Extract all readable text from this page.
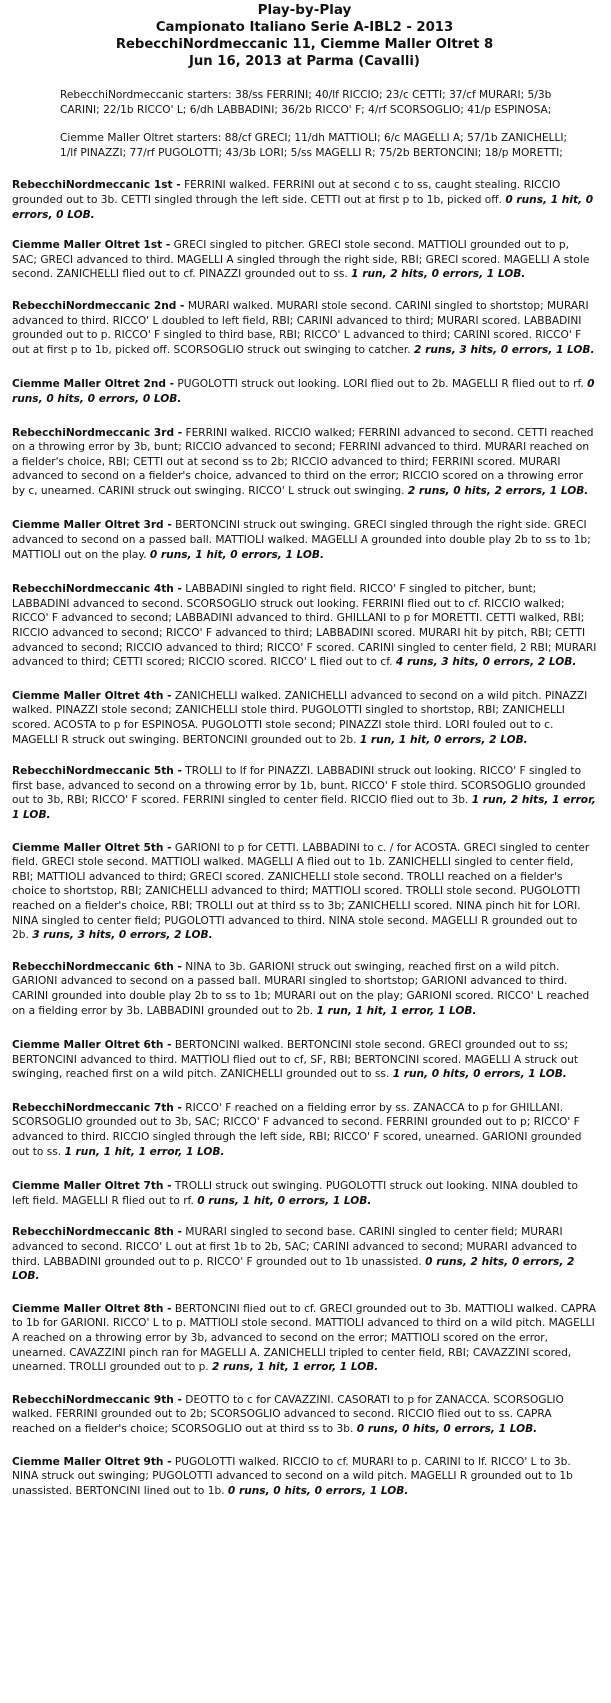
Play-by-Play
Campionato Italiano Serie A-IBL2 - 2013
RebecchiNordmeccanic 11, Ciemme Maller Oltret 8
Jun 16, 2013 at Parma (Cavalli)

RebecchiNordmeccanic starters: 38/ss FERRINI; 40/lf RICCIO; 23/c CETTI; 37/cf MURARI; 5/3b CARINI; 22/1b RICCO' L; 6/dh LABBADINI; 36/2b RICCO' F; 4/rf SCORSOGLIO; 41/p ESPINOSA;

Ciemme Maller Oltret starters: 88/cf GRECI; 11/dh MATTIOLI; 6/c MAGELLI A; 57/1b ZANICHELLI; 1/lf PINAZZI; 77/rf PUGOLOTTI; 43/3b LORI; 5/ss MAGELLI R; 75/2b BERTONCINI; 18/p MORETTI;

RebecchiNordmeccanic 1st - FERRINI walked. FERRINI out at second c to ss, caught stealing. RICCIO grounded out to 3b. CETTI singled through the left side. CETTI out at first p to 1b, picked off. 0 runs, 1 hit, 0 errors, 0 LOB.

Ciemme Maller Oltret 1st - GRECI singled to pitcher. GRECI stole second. MATTIOLI grounded out to p, SAC; GRECI advanced to third. MAGELLI A singled through the right side, RBI; GRECI scored. MAGELLI A stole second. ZANICHELLI flied out to cf. PINAZZI grounded out to ss. 1 run, 2 hits, 0 errors, 1 LOB.

RebecchiNordmeccanic 2nd - MURARI walked. MURARI stole second. CARINI singled to shortstop; MURARI advanced to third. RICCO' L doubled to left field, RBI; CARINI advanced to third; MURARI scored. LABBADINI grounded out to p. RICCO' F singled to third base, RBI; RICCO' L advanced to third; CARINI scored. RICCO' F out at first p to 1b, picked off. SCORSOGLIO struck out swinging to catcher. 2 runs, 3 hits, 0 errors, 1 LOB.

Ciemme Maller Oltret 2nd - PUGOLOTTI struck out looking. LORI flied out to 2b. MAGELLI R flied out to rf. 0 runs, 0 hits, 0 errors, 0 LOB.

RebecchiNordmeccanic 3rd - FERRINI walked. RICCIO walked; FERRINI advanced to second. CETTI reached on a throwing error by 3b, bunt; RICCIO advanced to second; FERRINI advanced to third. MURARI reached on a fielder's choice, RBI; CETTI out at second ss to 2b; RICCIO advanced to third; FERRINI scored. MURARI advanced to second on a fielder's choice, advanced to third on the error; RICCIO scored on a throwing error by c, unearned. CARINI struck out swinging. RICCO' L struck out swinging. 2 runs, 0 hits, 2 errors, 1 LOB.

Ciemme Maller Oltret 3rd - BERTONCINI struck out swinging. GRECI singled through the right side. GRECI advanced to second on a passed ball. MATTIOLI walked. MAGELLI A grounded into double play 2b to ss to 1b; MATTIOLI out on the play. 0 runs, 1 hit, 0 errors, 1 LOB.

RebecchiNordmeccanic 4th - LABBADINI singled to right field. RICCO' F singled to pitcher, bunt; LABBADINI advanced to second. SCORSOGLIO struck out looking. FERRINI flied out to cf. RICCIO walked; RICCO' F advanced to second; LABBADINI advanced to third. GHILLANI to p for MORETTI. CETTI walked, RBI; RICCIO advanced to second; RICCO' F advanced to third; LABBADINI scored. MURARI hit by pitch, RBI; CETTI advanced to second; RICCIO advanced to third; RICCO' F scored. CARINI singled to center field, 2 RBI; MURARI advanced to third; CETTI scored; RICCIO scored. RICCO' L flied out to cf. 4 runs, 3 hits, 0 errors, 2 LOB.

Ciemme Maller Oltret 4th - ZANICHELLI walked. ZANICHELLI advanced to second on a wild pitch. PINAZZI walked. PINAZZI stole second; ZANICHELLI stole third. PUGOLOTTI singled to shortstop, RBI; ZANICHELLI scored. ACOSTA to p for ESPINOSA. PUGOLOTTI stole second; PINAZZI stole third. LORI fouled out to c. MAGELLI R struck out swinging. BERTONCINI grounded out to 2b. 1 run, 1 hit, 0 errors, 2 LOB.

RebecchiNordmeccanic 5th - TROLLI to lf for PINAZZI. LABBADINI struck out looking. RICCO' F singled to first base, advanced to second on a throwing error by 1b, bunt. RICCO' F stole third. SCORSOGLIO grounded out to 3b, RBI; RICCO' F scored. FERRINI singled to center field. RICCIO flied out to 3b. 1 run, 2 hits, 1 error, 1 LOB.

Ciemme Maller Oltret 5th - GARIONI to p for CETTI. LABBADINI to c. / for ACOSTA. GRECI singled to center field. GRECI stole second. MATTIOLI walked. MAGELLI A flied out to 1b. ZANICHELLI singled to center field, RBI; MATTIOLI advanced to third; GRECI scored. ZANICHELLI stole second. TROLLI reached on a fielder's choice to shortstop, RBI; ZANICHELLI advanced to third; MATTIOLI scored. TROLLI stole second. PUGOLOTTI reached on a fielder's choice, RBI; TROLLI out at third ss to 3b; ZANICHELLI scored. NINA pinch hit for LORI. NINA singled to center field; PUGOLOTTI advanced to third. NINA stole second. MAGELLI R grounded out to 2b. 3 runs, 3 hits, 0 errors, 2 LOB.

RebecchiNordmeccanic 6th - NINA to 3b. GARIONI struck out swinging, reached first on a wild pitch. GARIONI advanced to second on a passed ball. MURARI singled to shortstop; GARIONI advanced to third. CARINI grounded into double play 2b to ss to 1b; MURARI out on the play; GARIONI scored. RICCO' L reached on a fielding error by 3b. LABBADINI grounded out to 2b. 1 run, 1 hit, 1 error, 1 LOB.

Ciemme Maller Oltret 6th - BERTONCINI walked. BERTONCINI stole second. GRECI grounded out to ss; BERTONCINI advanced to third. MATTIOLI flied out to cf, SF, RBI; BERTONCINI scored. MAGELLI A struck out swinging, reached first on a wild pitch. ZANICHELLI grounded out to ss. 1 run, 0 hits, 0 errors, 1 LOB.

RebecchiNordmeccanic 7th - RICCO' F reached on a fielding error by ss. ZANACCA to p for GHILLANI. SCORSOGLIO grounded out to 3b, SAC; RICCO' F advanced to second. FERRINI grounded out to p; RICCO' F advanced to third. RICCIO singled through the left side, RBI; RICCO' F scored, unearned. GARIONI grounded out to ss. 1 run, 1 hit, 1 error, 1 LOB.

Ciemme Maller Oltret 7th - TROLLI struck out swinging. PUGOLOTTI struck out looking. NINA doubled to left field. MAGELLI R flied out to rf. 0 runs, 1 hit, 0 errors, 1 LOB.

RebecchiNordmeccanic 8th - MURARI singled to second base. CARINI singled to center field; MURARI advanced to second. RICCO' L out at first 1b to 2b, SAC; CARINI advanced to second; MURARI advanced to third. LABBADINI grounded out to p. RICCO' F grounded out to 1b unassisted. 0 runs, 2 hits, 0 errors, 2 LOB.

Ciemme Maller Oltret 8th - BERTONCINI flied out to cf. GRECI grounded out to 3b. MATTIOLI walked. CAPRA to 1b for GARIONI. RICCO' L to p. MATTIOLI stole second. MATTIOLI advanced to third on a wild pitch. MAGELLI A reached on a throwing error by 3b, advanced to second on the error; MATTIOLI scored on the error, unearned. CAVAZZINI pinch ran for MAGELLI A. ZANICHELLI tripled to center field, RBI; CAVAZZINI scored, unearned. TROLLI grounded out to p. 2 runs, 1 hit, 1 error, 1 LOB.

RebecchiNordmeccanic 9th - DEOTTO to c for CAVAZZINI. CASORATI to p for ZANACCA. SCORSOGLIO walked. FERRINI grounded out to 2b; SCORSOGLIO advanced to second. RICCIO flied out to ss. CAPRA reached on a fielder's choice; SCORSOGLIO out at third ss to 3b. 0 runs, 0 hits, 0 errors, 1 LOB.

Ciemme Maller Oltret 9th - PUGOLOTTI walked. RICCIO to cf. MURARI to p. CARINI to lf. RICCO' L to 3b. NINA struck out swinging; PUGOLOTTI advanced to second on a wild pitch. MAGELLI R grounded out to 1b unassisted. BERTONCINI lined out to 1b. 0 runs, 0 hits, 0 errors, 1 LOB.
